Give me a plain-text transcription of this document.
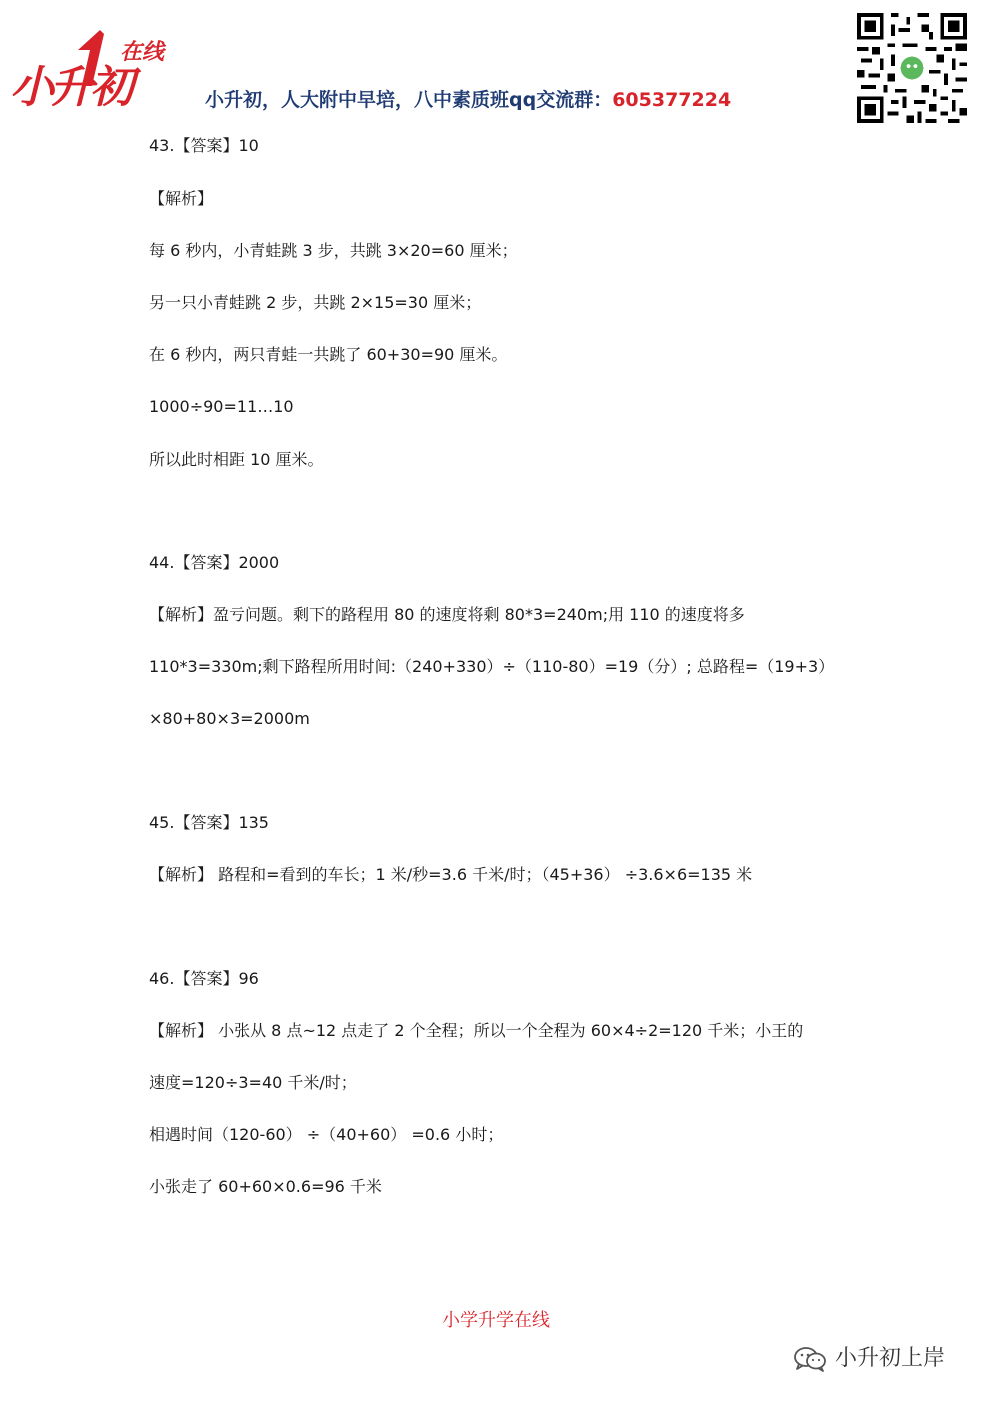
在线
小升初	小升初，人大附中早培，八中素质班qq交流群：605377224
43.【答案】10
【解析】
每 6 秒内，小青蛙跳 3 步，共跳 3×20=60 厘米；
另一只小青蛙跳 2 步，共跳 2×15=30 厘米；
在 6 秒内，两只青蛙一共跳了 60+30=90 厘米。
1000÷90=11…10
所以此时相距 10 厘米。
44.【答案】2000
【解析】盈亏问题。剩下的路程用 80 的速度将剩 80*3=240m;用 110 的速度将多
110*3=330m;剩下路程所用时间:（240+330）÷（110-80）=19（分）; 总路程=（19+3）
×80+80×3=2000m
45.【答案】135
【解析】 路程和=看到的车长；1 米/秒=3.6 千米/时；（45+36） ÷3.6×6=135 米
46.【答案】96
【解析】 小张从 8 点~12 点走了 2 个全程；所以一个全程为 60×4÷2=120 千米；小王的
速度=120÷3=40 千米/时；
相遇时间（120-60） ÷（40+60） =0.6 小时；
小张走了 60+60×0.6=96 千米
小学升学在线
小升初上岸
